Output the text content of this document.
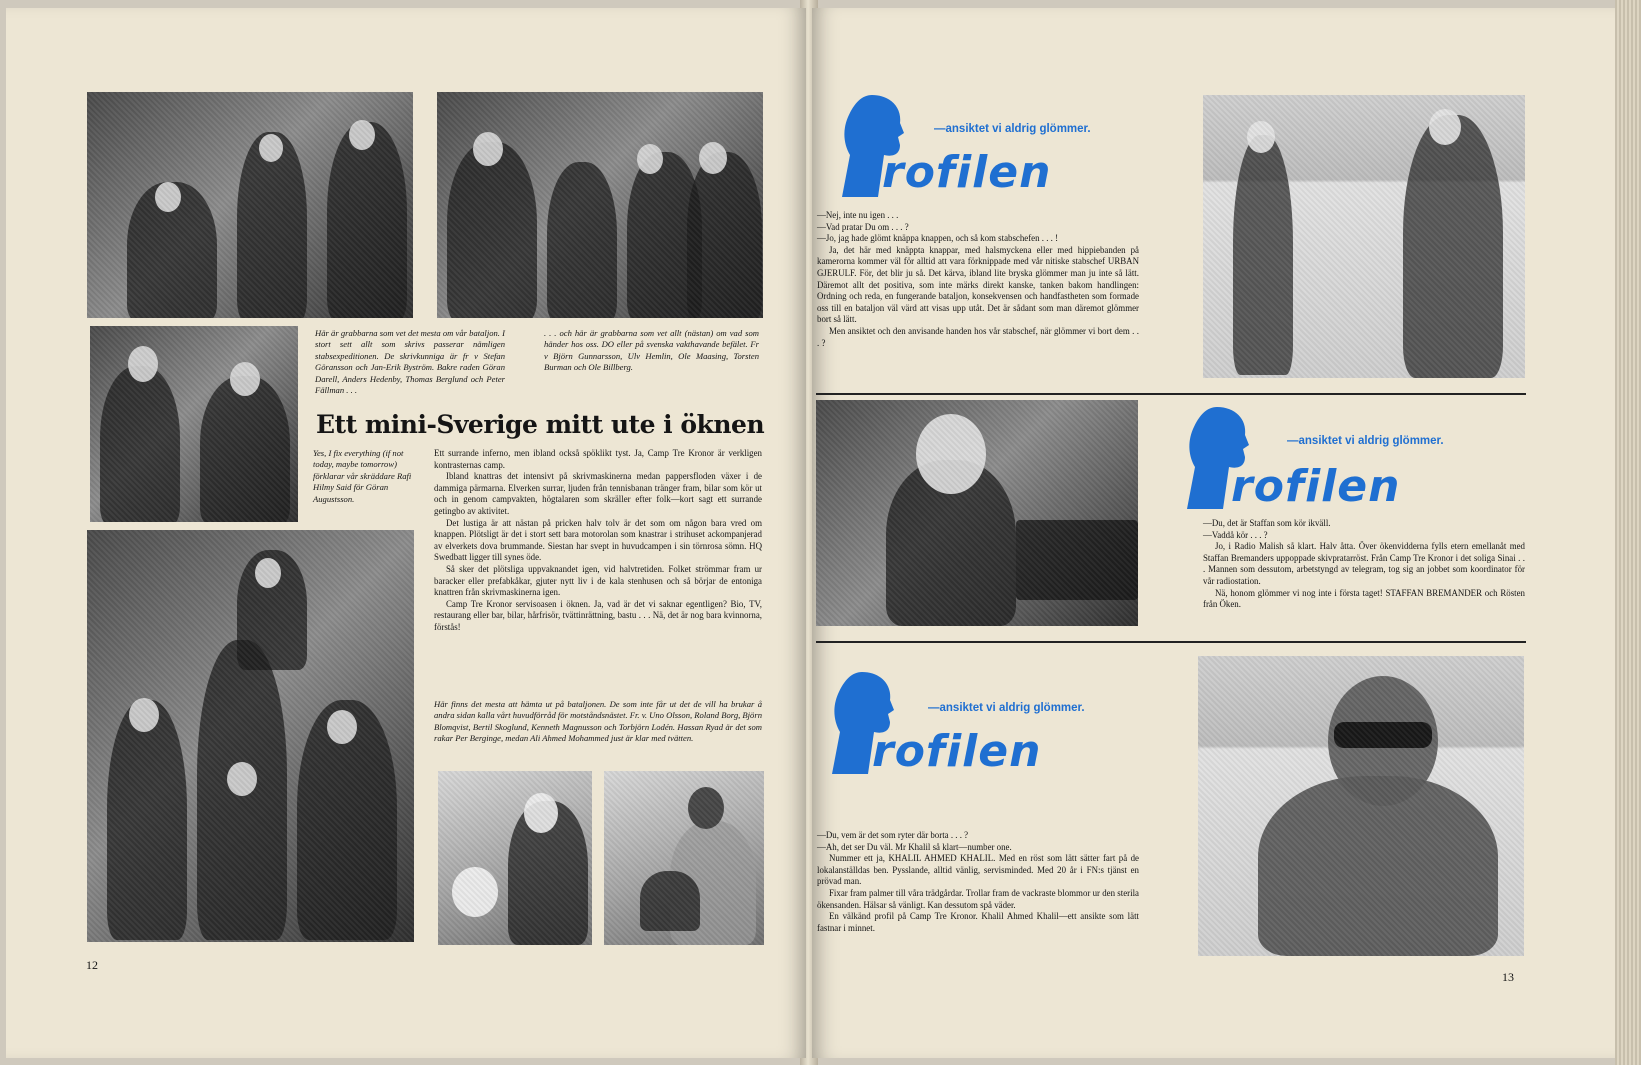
Här är grabbarna som vet det mesta om vår bataljon. I stort sett allt som skrivs passerar nämligen stabsexpeditionen. De skrivkunniga är fr v Stefan Göransson och Jan-Erik Byström. Bakre raden Göran Darell, Anders Hedenby, Thomas Berglund och Peter Fällman . . .
. . . och här är grabbarna som vet allt (nästan) om vad som händer hos oss. DO eller på svenska vakthavande befälet. Fr v Björn Gunnarsson, Ulv Hemlin, Ole Maasing, Torsten Burman och Ole Billberg.
Ett mini-Sverige mitt ute i öknen
Yes, I fix everything (if not today, maybe tomorrow) förklarar vår skräddare Rafi Hilmy Said för Göran Augustsson.

Ett surrande inferno, men ibland också spöklikt tyst. Ja, Camp Tre Kronor är verkligen kontrasternas camp.

Ibland knattras det intensivt på skrivmaskinerna medan pappersfloden växer i de dammiga pärmarna. Elverken surrar, ljuden från tennisbanan tränger fram, bilar som kör ut och in genom campvakten, högtalaren som skräller efter folk—kort sagt ett surrande getingbo av aktivitet.

Det lustiga är att nästan på pricken halv tolv är det som om någon bara vred om knappen. Plötsligt är det i stort sett bara motorolan som knastrar i strihuset ackompanjerad av elverkets dova brummande. Siestan har svept in huvudcampen i sin törnrosa sömn. HQ Swedbatt ligger till synes öde.

Så sker det plötsliga uppvaknandet igen, vid halvtretiden. Folket strömmar fram ur baracker eller prefabkåkar, gjuter nytt liv i de kala stenhusen och så börjar de entoniga knattren från skrivmaskinerna igen.

Camp Tre Kronor servisoasen i öknen. Ja, vad är det vi saknar egentligen? Bio, TV, restaurang eller bar, bilar, hårfrisör, tvättinrättning, bastu . . . Nä, det är nog bara kvinnorna, förstås!

Här finns det mesta att hämta ut på bataljonen. De som inte får ut det de vill ha brukar å andra sidan kalla vårt huvudförråd för motståndsnästet. Fr. v. Uno Olsson, Roland Borg, Björn Blomqvist, Bertil Skoglund, Kenneth Magnusson och Torbjörn Lodén. Hassan Ryad är det som rakar Per Berginge, medan Ali Ahmed Mohammed just är klar med tvätten.
12
—ansiktet vi aldrig glömmer.
rofilen

—Nej, inte nu igen . . .

—Vad pratar Du om . . . ?

—Jo, jag hade glömt knäppa knappen, och så kom stabschefen . . . !

Ja, det här med knäppta knappar, med halsmyckena eller med hippiebanden på kamerorna kommer väl för alltid att vara förknippade med vår nitiske stabschef URBAN GJERULF. För, det blir ju så. Det kärva, ibland lite bryska glömmer man ju inte så lätt. Däremot allt det positiva, som inte märks direkt kanske, tanken bakom handlingen: Ordning och reda, en fungerande bataljon, konsekvensen och handfastheten som formade oss till en bataljon väl värd att visas upp utåt. Det är sådant som man däremot glömmer bort så lätt.

Men ansiktet och den anvisande handen hos vår stabschef, när glömmer vi bort dem . . . ?

—ansiktet vi aldrig glömmer.
rofilen

—Du, det är Staffan som kör ikväll.

—Vaddå kör . . . ?

Jo, i Radio Malish så klart. Halv åtta. Över ökenvidderna fylls etern emellanåt med Staffan Bremanders uppoppade skivpratarröst. Från Camp Tre Kronor i det soliga Sinai . . . Mannen som dessutom, arbetstyngd av telegram, tog sig an jobbet som koordinator för vår radiostation.

Nä, honom glömmer vi nog inte i första taget! STAFFAN BREMANDER och Rösten från Öken.

—ansiktet vi aldrig glömmer.
rofilen

—Du, vem är det som ryter där borta . . . ?

—Ah, det ser Du väl. Mr Khalil så klart—number one.

Nummer ett ja, KHALIL AHMED KHALIL. Med en röst som lätt sätter fart på de lokalanställdas ben. Pysslande, alltid vänlig, servisminded. Med 20 år i FN:s tjänst en prövad man.

Fixar fram palmer till våra trädgårdar. Trollar fram de vackraste blommor ur den sterila ökensanden. Hälsar så vänligt. Kan dessutom spå väder.

En välkänd profil på Camp Tre Kronor. Khalil Ahmed Khalil—ett ansikte som lätt fastnar i minnet.

13
